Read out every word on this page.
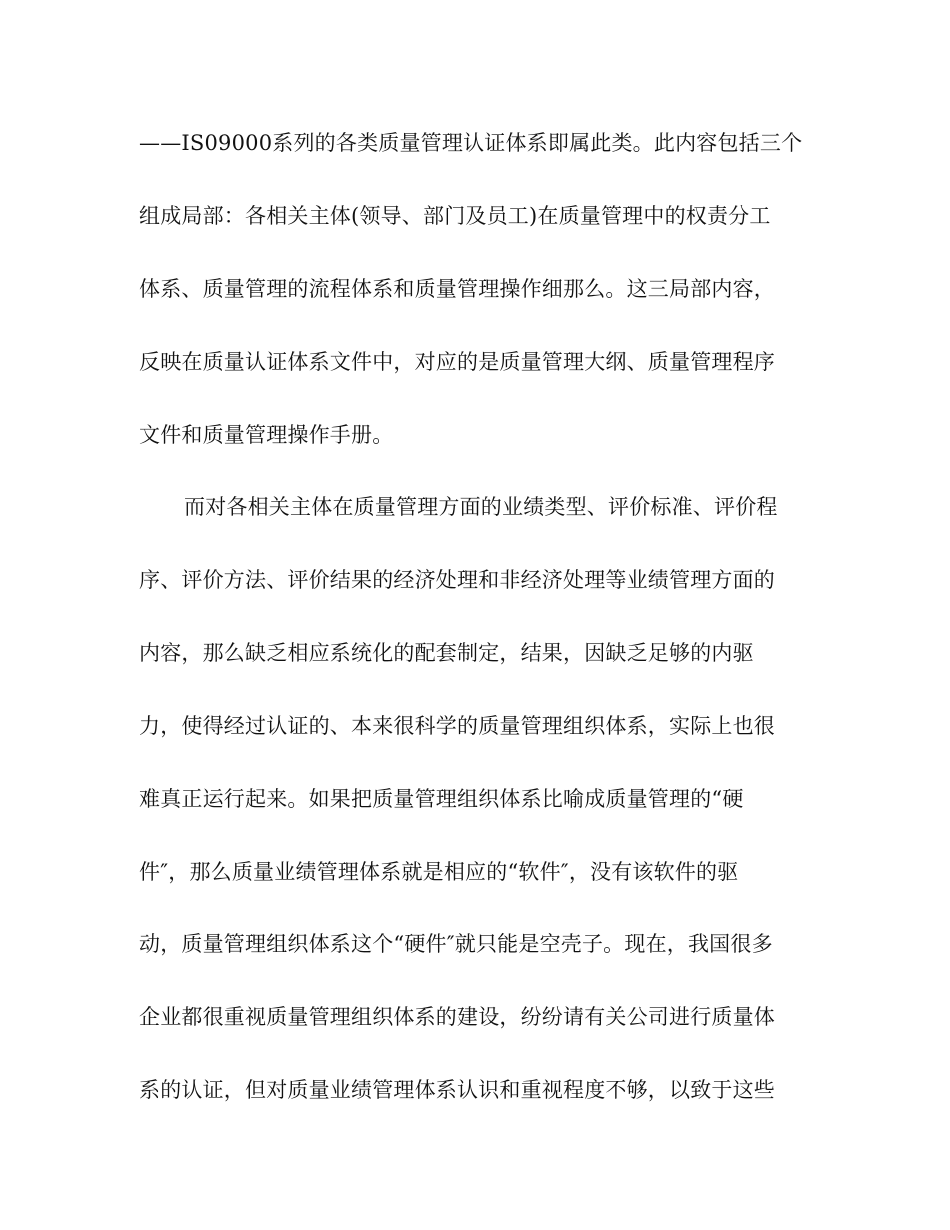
——IS09000系列的各类质量管理认证体系即属此类。此内容包括三个
组成局部：各相关主体(领导、部门及员工)在质量管理中的权责分工
体系、质量管理的流程体系和质量管理操作细那么。这三局部内容，
反映在质量认证体系文件中，对应的是质量管理大纲、质量管理程序
文件和质量管理操作手册。
而对各相关主体在质量管理方面的业绩类型、评价标准、评价程
序、评价方法、评价结果的经济处理和非经济处理等业绩管理方面的
内容，那么缺乏相应系统化的配套制定，结果，因缺乏足够的内驱
力，使得经过认证的、本来很科学的质量管理组织体系，实际上也很
难真正运行起来。如果把质量管理组织体系比喻成质量管理的“硬
件″，那么质量业绩管理体系就是相应的“软件″，没有该软件的驱
动，质量管理组织体系这个“硬件″就只能是空壳子。现在，我国很多
企业都很重视质量管理组织体系的建设，纷纷请有关公司进行质量体
系的认证，但对质量业绩管理体系认识和重视程度不够，以致于这些
